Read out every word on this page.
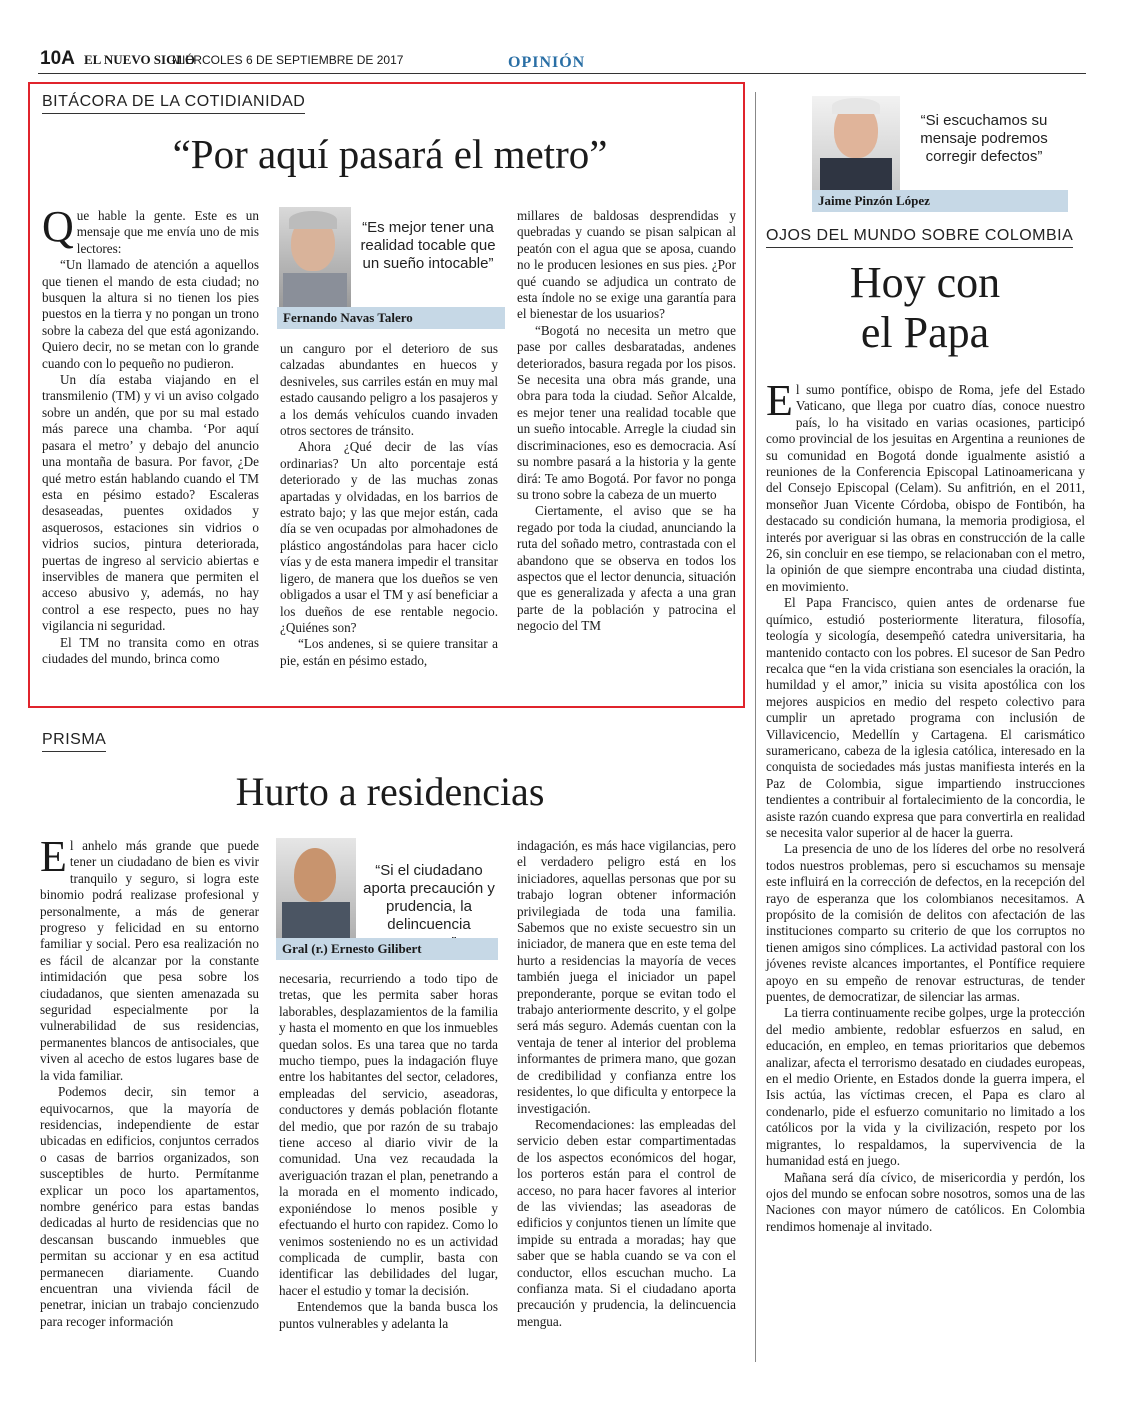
10A EL NUEVO SIGLO
MIÉRCOLES 6 DE SEPTIEMBRE DE 2017	OPINIÓN
BITÁCORA DE LA COTIDIANIDAD
“Por aquí pasará el metro”

Que hable la gente. Este es un mensaje que me envía uno de mis lectores:

“Un llamado de atención a aquellos que tienen el mando de esta ciudad; no busquen la altura si no tienen los pies puestos en la tierra y no pongan un trono sobre la cabeza del que está agonizando. Quiero decir, no se metan con lo grande cuando con lo pequeño no pudieron.

Un día estaba viajando en el transmilenio (TM) y vi un aviso colgado sobre un andén, que por su mal estado más parece una chamba. ‘Por aquí pasara el metro’ y debajo del anuncio una montaña de basura. Por favor, ¿De qué metro están hablando cuando el TM esta en pésimo estado? Escaleras desaseadas, puentes oxidados y asquerosos, estaciones sin vidrios o vidrios sucios, pintura deteriorada, puertas de ingreso al servicio abiertas e inservibles de manera que permiten el acceso abusivo y, además, no hay control a ese respecto, pues no hay vigilancia ni seguridad.

El TM no transita como en otras ciudades del mundo, brinca como

“Es mejor tener una realidad tocable que un sueño intocable”
Fernando Navas Talero

un canguro por el deterioro de sus calzadas abundantes en huecos y desniveles, sus carriles están en muy mal estado causando peligro a los pasajeros y a los demás vehículos cuando invaden otros sectores de tránsito.

Ahora ¿Qué decir de las vías ordinarias? Un alto porcentaje está deteriorado y de las muchas zonas apartadas y olvidadas, en los barrios de estrato bajo; y las que mejor están, cada día se ven ocupadas por almohadones de plástico angostándolas para hacer ciclo vías y de esta manera impedir el transitar ligero, de manera que los dueños se ven obligados a usar el TM y así beneficiar a los dueños de ese rentable negocio. ¿Quiénes son?

“Los andenes, si se quiere transitar a pie, están en pésimo estado,

millares de baldosas desprendidas y quebradas y cuando se pisan salpican al peatón con el agua que se aposa, cuando no le producen lesiones en sus pies. ¿Por qué cuando se adjudica un contrato de esta índole no se exige una garantía para el bienestar de los usuarios?

“Bogotá no necesita un metro que pase por calles desbaratadas, andenes deteriorados, basura regada por los pisos. Se necesita una obra más grande, una obra para toda la ciudad. Señor Alcalde, es mejor tener una realidad tocable que un sueño intocable. Arregle la ciudad sin discriminaciones, eso es democracia. Así su nombre pasará a la historia y la gente dirá: Te amo Bogotá. Por favor no ponga su trono sobre la cabeza de un muerto

Ciertamente, el aviso que se ha regado por toda la ciudad, anunciando la ruta del soñado metro, contrastada con el abandono que se observa en todos los aspectos que el lector denuncia, situación que es generalizada y afecta a una gran parte de la población y patrocina el negocio del TM

PRISMA
Hurto a residencias

El anhelo más grande que puede tener un ciudadano de bien es vivir tranquilo y seguro, si logra este binomio podrá realizase profesional y personalmente, a más de generar progreso y felicidad en su entorno familiar y social. Pero esa realización no es fácil de alcanzar por la constante intimidación que pesa sobre los ciudadanos, que sienten amenazada su seguridad especialmente por la vulnerabilidad de sus residencias, permanentes blancos de antisociales, que viven al acecho de estos lugares base de la vida familiar.

Podemos decir, sin temor a equivocarnos, que la mayoría de residencias, independiente de estar ubicadas en edificios, conjuntos cerrados o casas de barrios organizados, son susceptibles de hurto. Permítanme explicar un poco los apartamentos, nombre genérico para estas bandas dedicadas al hurto de residencias que no descansan buscando inmuebles que permitan su accionar y en esa actitud permanecen diariamente. Cuando encuentran una vivienda fácil de penetrar, inician un trabajo concienzudo para recoger información

“Si el ciudadano aporta precaución y prudencia, la delincuencia
Gral (r.) Ernesto Gilibert

necesaria, recurriendo a todo tipo de tretas, que les permita saber horas laborables, desplazamientos de la familia y hasta el momento en que los inmuebles quedan solos. Es una tarea que no tarda mucho tiempo, pues la indagación fluye entre los habitantes del sector, celadores, empleadas del servicio, aseadoras, conductores y demás población flotante del medio, que por razón de su trabajo tiene acceso al diario vivir de la comunidad. Una vez recaudada la averiguación trazan el plan, penetrando a la morada en el momento indicado, exponiéndose lo menos posible y efectuando el hurto con rapidez. Como lo venimos sosteniendo no es un actividad complicada de cumplir, basta con identificar las debilidades del lugar, hacer el estudio y tomar la decisión.

Entendemos que la banda busca los puntos vulnerables y adelanta la

indagación, es más hace vigilancias, pero el verdadero peligro está en los iniciadores, aquellas personas que por su trabajo logran obtener información privilegiada de toda una familia. Sabemos que no existe secuestro sin un iniciador, de manera que en este tema del hurto a residencias la mayoría de veces también juega el iniciador un papel preponderante, porque se evitan todo el trabajo anteriormente descrito, y el golpe será más seguro. Además cuentan con la ventaja de tener al interior del problema informantes de primera mano, que gozan de credibilidad y confianza entre los residentes, lo que dificulta y entorpece la investigación.

Recomendaciones: las empleadas del servicio deben estar compartimentadas de los aspectos económicos del hogar, los porteros están para el control de acceso, no para hacer favores al interior de las viviendas; las aseadoras de edificios y conjuntos tienen un límite que impide su entrada a moradas; hay que saber que se habla cuando se va con el conductor, ellos escuchan mucho. La confianza mata. Si el ciudadano aporta precaución y prudencia, la delincuencia mengua.

“Si escuchamos su mensaje podremos corregir defectos”
Jaime Pinzón López
OJOS DEL MUNDO SOBRE COLOMBIA
Hoy con
el Papa

El sumo pontífice, obispo de Roma, jefe del Estado Vaticano, que llega por cuatro días, conoce nuestro país, lo ha visitado en varias ocasiones, participó como provincial de los jesuitas en Argentina a reuniones de su comunidad en Bogotá donde igualmente asistió a reuniones de la Conferencia Episcopal Latinoamericana y del Consejo Episcopal (Celam). Su anfitrión, en el 2011, monseñor Juan Vicente Córdoba, obispo de Fontibón, ha destacado su condición humana, la memoria prodigiosa, el interés por averiguar si las obras en construcción de la calle 26, sin concluir en ese tiempo, se relacionaban con el metro, la opinión de que siempre encontraba una ciudad distinta, en movimiento.

El Papa Francisco, quien antes de ordenarse fue químico, estudió posteriormente literatura, filosofía, teología y sicología, desempeñó catedra universitaria, ha mantenido contacto con los pobres. El sucesor de San Pedro recalca que “en la vida cristiana son esenciales la oración, la humildad y el amor,” inicia su visita apostólica con los mejores auspicios en medio del respeto colectivo para cumplir un apretado programa con inclusión de Villavicencio, Medellín y Cartagena. El carismático suramericano, cabeza de la iglesia católica, interesado en la conquista de sociedades más justas manifiesta interés en la Paz de Colombia, sigue impartiendo instrucciones tendientes a contribuir al fortalecimiento de la concordia, le asiste razón cuando expresa que para convertirla en realidad se necesita valor superior al de hacer la guerra.

La presencia de uno de los líderes del orbe no resolverá todos nuestros problemas, pero si escuchamos su mensaje este influirá en la corrección de defectos, en la recepción del rayo de esperanza que los colombianos necesitamos. A propósito de la comisión de delitos con afectación de las instituciones comparto su criterio de que los corruptos no tienen amigos sino cómplices. La actividad pastoral con los jóvenes reviste alcances importantes, el Pontífice requiere apoyo en su empeño de renovar estructuras, de tender puentes, de democratizar, de silenciar las armas.

La tierra continuamente recibe golpes, urge la protección del medio ambiente, redoblar esfuerzos en salud, en educación, en empleo, en temas prioritarios que debemos analizar, afecta el terrorismo desatado en ciudades europeas, en el medio Oriente, en Estados donde la guerra impera, el Isis actúa, las víctimas crecen, el Papa es claro al condenarlo, pide el esfuerzo comunitario no limitado a los católicos por la vida y la civilización, respeto por los migrantes, lo respaldamos, la supervivencia de la humanidad está en juego.

Mañana será día cívico, de misericordia y perdón, los ojos del mundo se enfocan sobre nosotros, somos una de las Naciones con mayor número de católicos. En Colombia rendimos homenaje al invitado.
